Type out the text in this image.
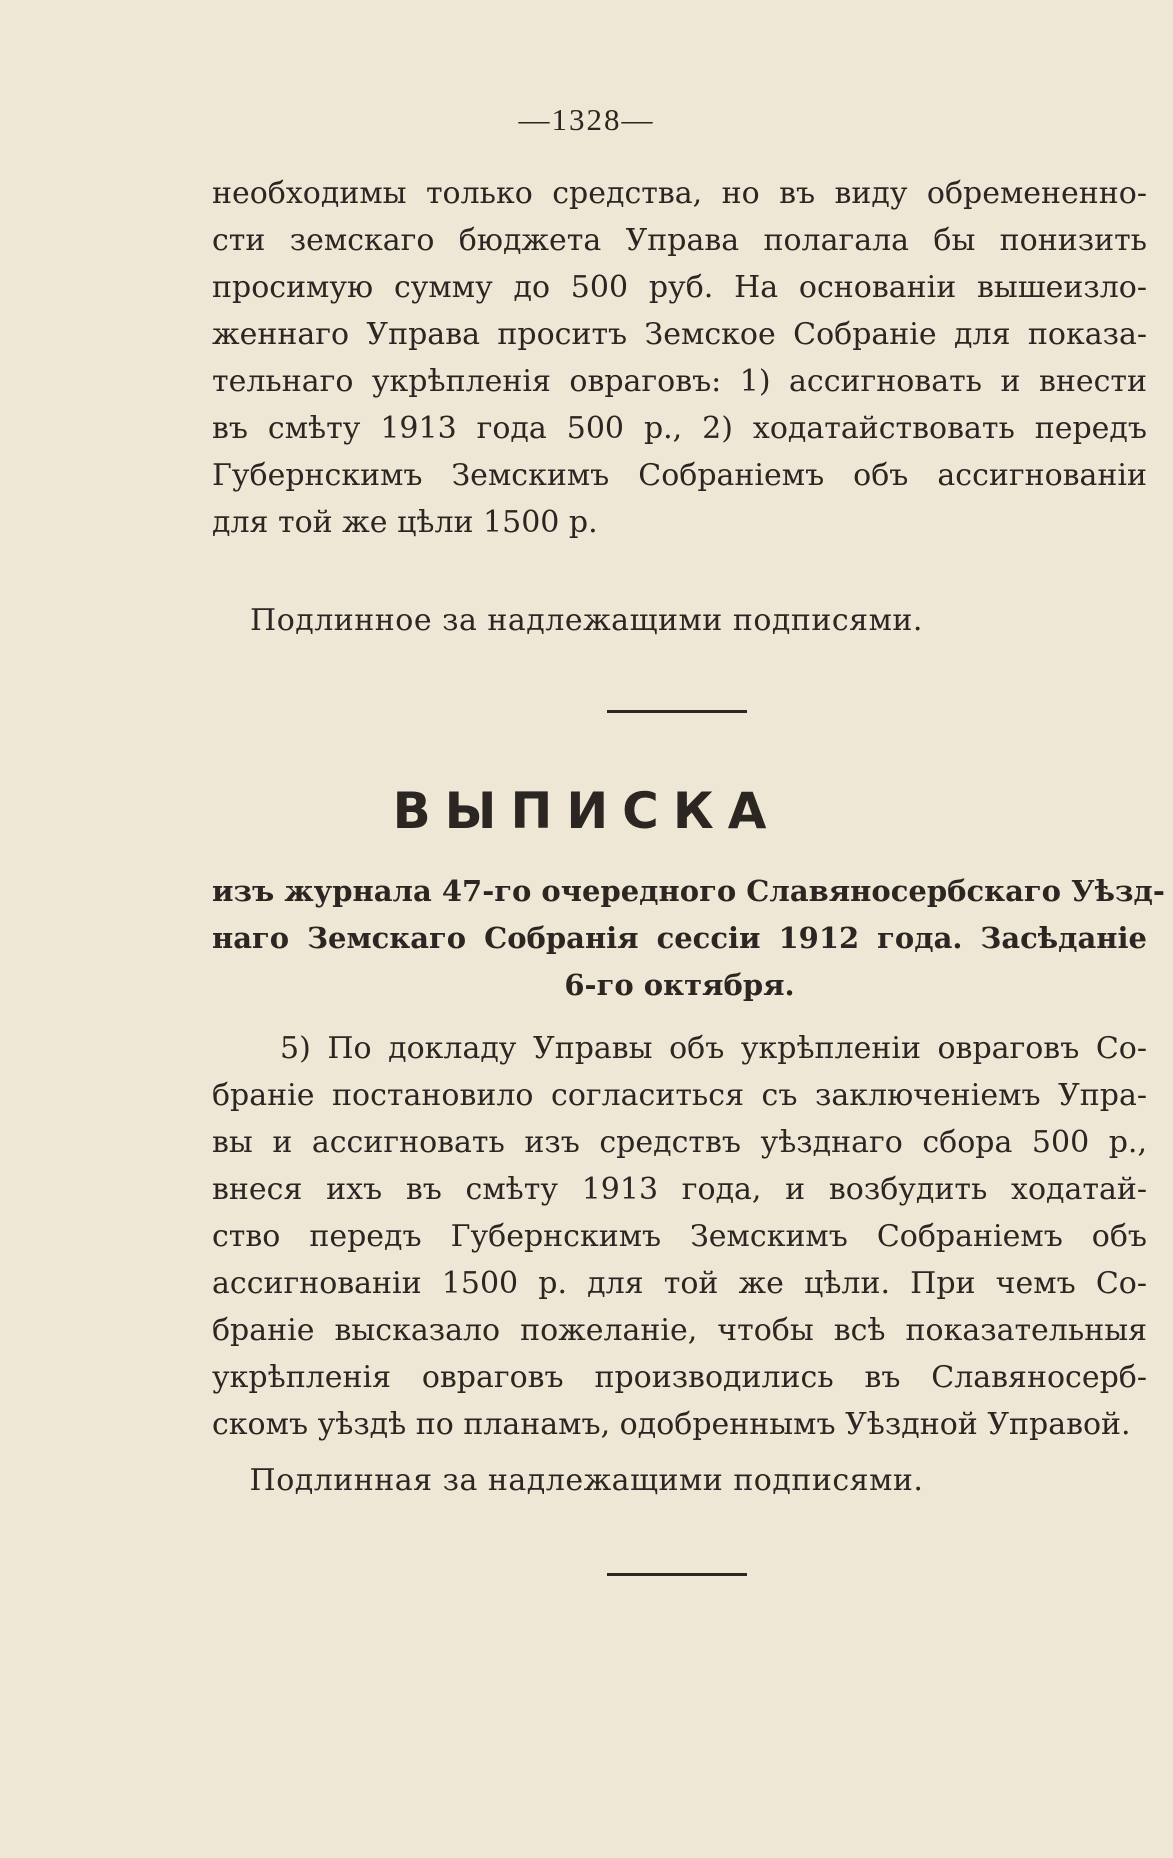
—1328—
необходимы только средства, но въ виду обремененно-
сти земскаго бюджета Управа полагала бы понизить
просимую сумму до 500 руб. На основаніи вышеизло-
женнаго Управа проситъ Земское Собраніе для показа-
тельнаго укрѣпленія овраговъ: 1) ассигновать и внести
въ смѣту 1913 года 500 р., 2) ходатайствовать передъ
Губернскимъ Земскимъ Собраніемъ объ ассигнованіи
для той же цѣли 1500 р.
Подлинное за надлежащими подписями.
ВЫПИСКА
изъ журнала 47-го очередного Славяносербскаго Уѣзд-
наго Земскаго Собранія сессіи 1912 года. Засѣданіе
6-го октября.
5) По докладу Управы объ укрѣпленіи овраговъ Со-
браніе постановило согласиться съ заключеніемъ Упра-
вы и ассигновать изъ средствъ уѣзднаго сбора 500 р.,
внеся ихъ въ смѣту 1913 года, и возбудить ходатай-
ство передъ Губернскимъ Земскимъ Собраніемъ объ
ассигнованіи 1500 р. для той же цѣли. При чемъ Со-
браніе высказало пожеланіе, чтобы всѣ показательныя
укрѣпленія овраговъ производились въ Славяносерб-
скомъ уѣздѣ по планамъ, одобреннымъ Уѣздной Управой.
Подлинная за надлежащими подписями.
